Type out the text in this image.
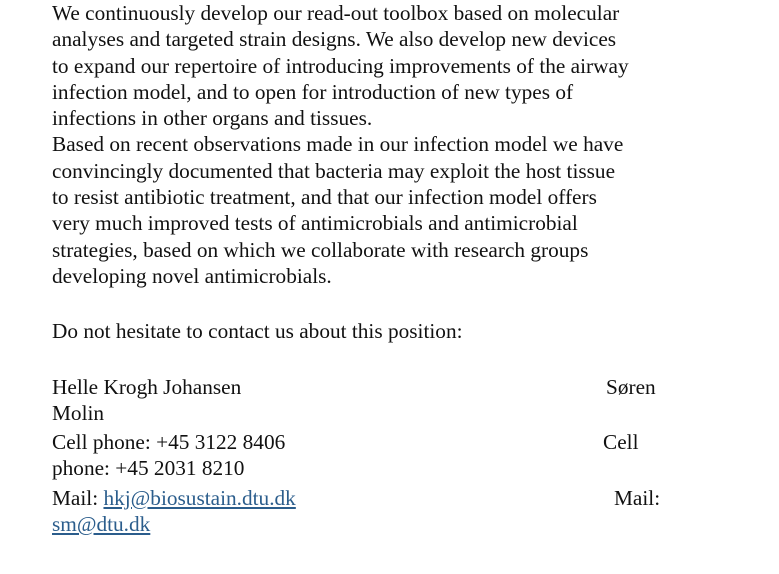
We continuously develop our read-out toolbox based on molecular
analyses and targeted strain designs. We also develop new devices
to expand our repertoire of introducing improvements of the airway
infection model, and to open for introduction of new types of
infections in other organs and tissues.
Based on recent observations made in our infection model we have
convincingly documented that bacteria may exploit the host tissue
to resist antibiotic treatment, and that our infection model offers
very much improved tests of antimicrobials and antimicrobial
strategies, based on which we collaborate with research groups
developing novel antimicrobials.
Do not hesitate to contact us about this position:
Helle Krogh Johansen	Søren
Molin
Cell phone: +45 3122 8406	Cell
phone: +45 2031 8210
Mail: hkj@biosustain.dtu.dk	Mail:
sm@dtu.dk
